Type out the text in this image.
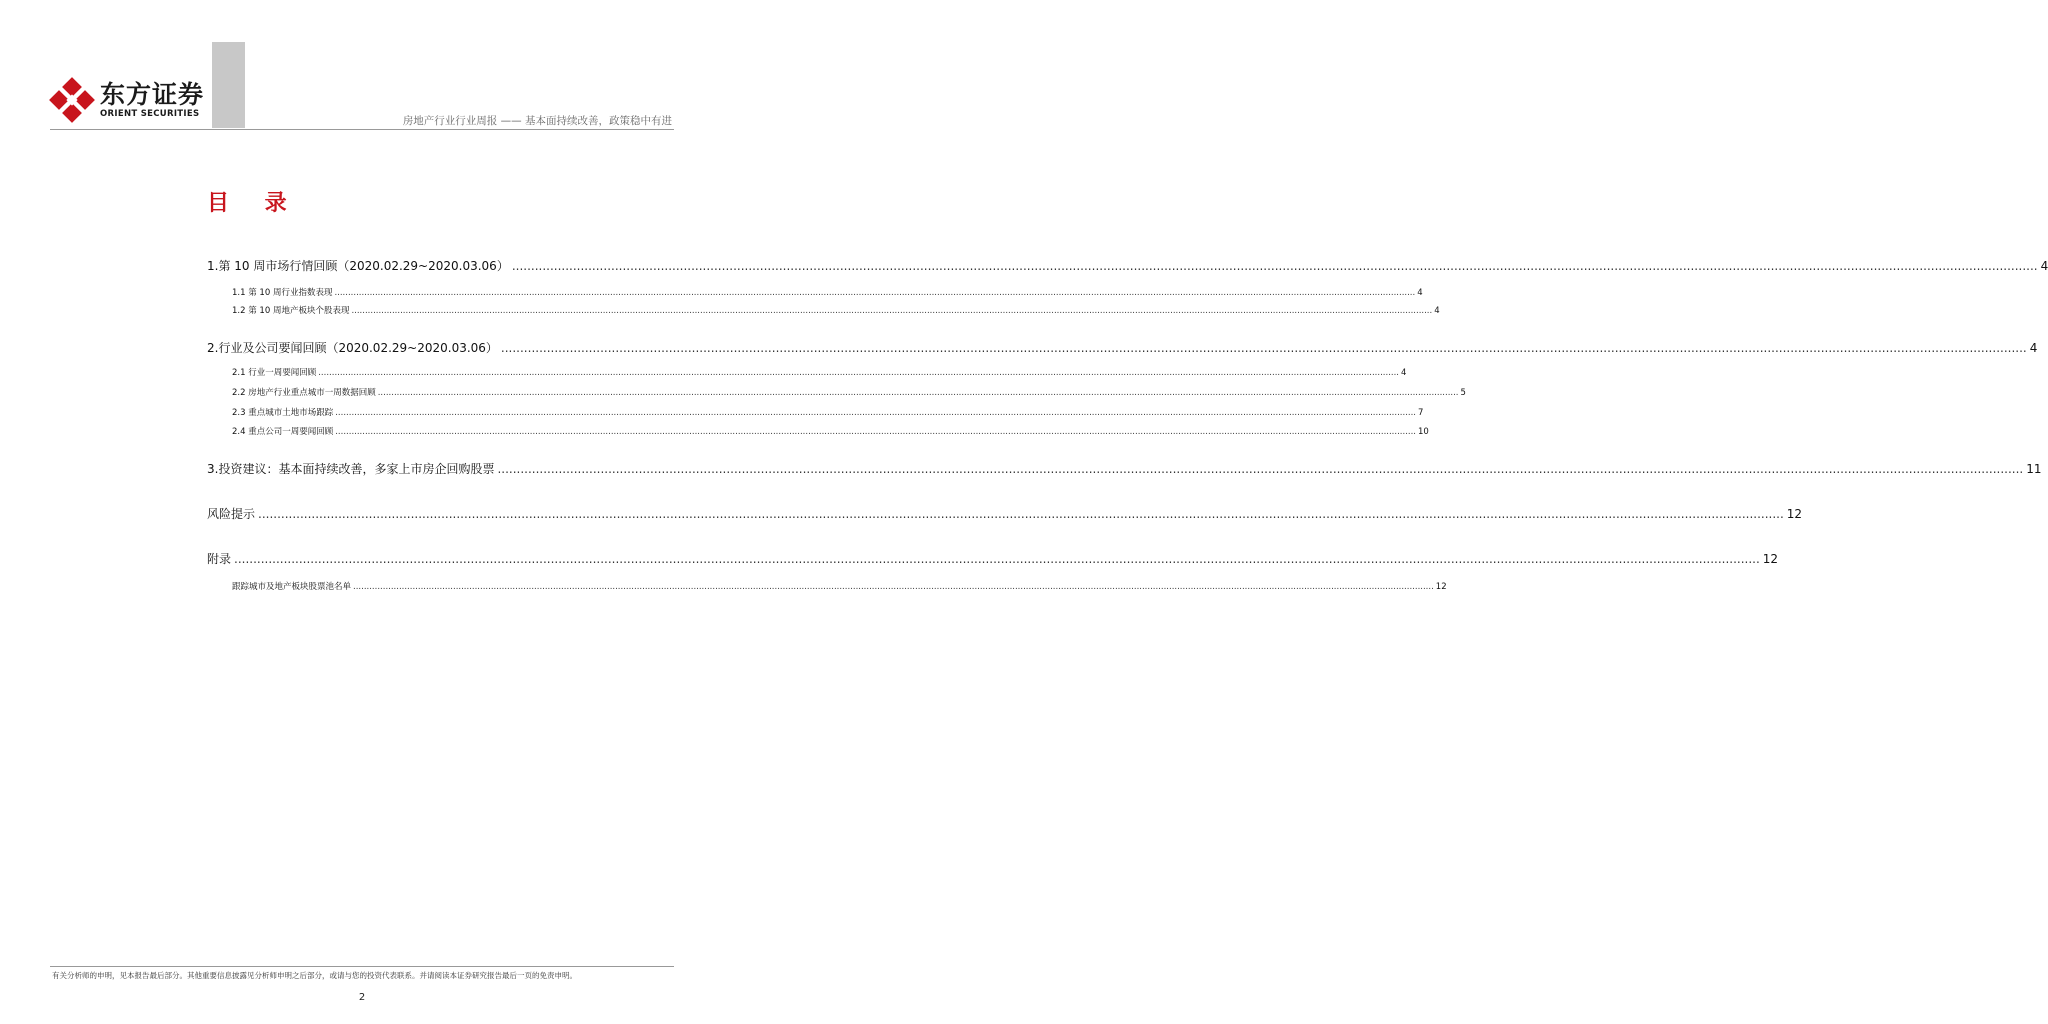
东方证券
ORIENT SECURITIES
房地产行业行业周报 —— 基本面持续改善，政策稳中有进
目 录
1.第 10 周市场行情回顾（2020.02.29~2020.03.06） ................................................................................................................................................................................................................................................................................................................................................................................................................ 4
1.1 第 10 周行业指数表现 ................................................................................................................................................................................................................................................................................................................................................................................................................ 4
1.2 第 10 周地产板块个股表现 ................................................................................................................................................................................................................................................................................................................................................................................................................ 4
2.行业及公司要闻回顾（2020.02.29~2020.03.06） ................................................................................................................................................................................................................................................................................................................................................................................................................ 4
2.1 行业一周要闻回顾 ................................................................................................................................................................................................................................................................................................................................................................................................................ 4
2.2 房地产行业重点城市一周数据回顾 ................................................................................................................................................................................................................................................................................................................................................................................................................ 5
2.3 重点城市土地市场跟踪 ................................................................................................................................................................................................................................................................................................................................................................................................................ 7
2.4 重点公司一周要闻回顾 ................................................................................................................................................................................................................................................................................................................................................................................................................ 10
3.投资建议：基本面持续改善，多家上市房企回购股票 ................................................................................................................................................................................................................................................................................................................................................................................................................ 11
风险提示 ................................................................................................................................................................................................................................................................................................................................................................................................................ 12
附录 ................................................................................................................................................................................................................................................................................................................................................................................................................ 12
跟踪城市及地产板块股票池名单 ................................................................................................................................................................................................................................................................................................................................................................................................................ 12
有关分析师的申明，见本报告最后部分。其他重要信息披露见分析师申明之后部分，或请与您的投资代表联系。并请阅读本证券研究报告最后一页的免责申明。
2
